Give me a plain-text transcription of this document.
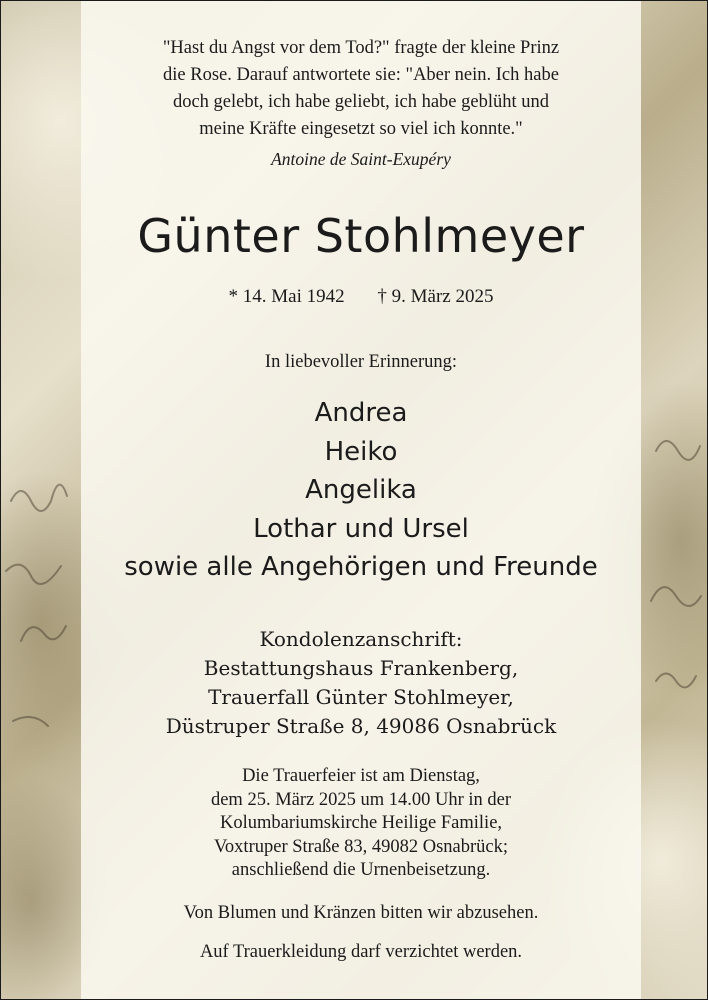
"Hast du Angst vor dem Tod?" fragte der kleine Prinz
die Rose. Darauf antwortete sie: "Aber nein. Ich habe
doch gelebt, ich habe geliebt, ich habe geblüht und
meine Kräfte eingesetzt so viel ich konnte."
Antoine de Saint-Exupéry
Günter Stohlmeyer
* 14. Mai 1942 † 9. März 2025
In liebevoller Erinnerung:
Andrea
Heiko
Angelika
Lothar und Ursel
sowie alle Angehörigen und Freunde
Kondolenzanschrift:
Bestattungshaus Frankenberg,
Trauerfall Günter Stohlmeyer,
Düstruper Straße 8, 49086 Osnabrück
Die Trauerfeier ist am Dienstag,
dem 25. März 2025 um 14.00 Uhr in der
Kolumbariumskirche Heilige Familie,
Voxtruper Straße 83, 49082 Osnabrück;
anschließend die Urnenbeisetzung.
Von Blumen und Kränzen bitten wir abzusehen.
Auf Trauerkleidung darf verzichtet werden.
